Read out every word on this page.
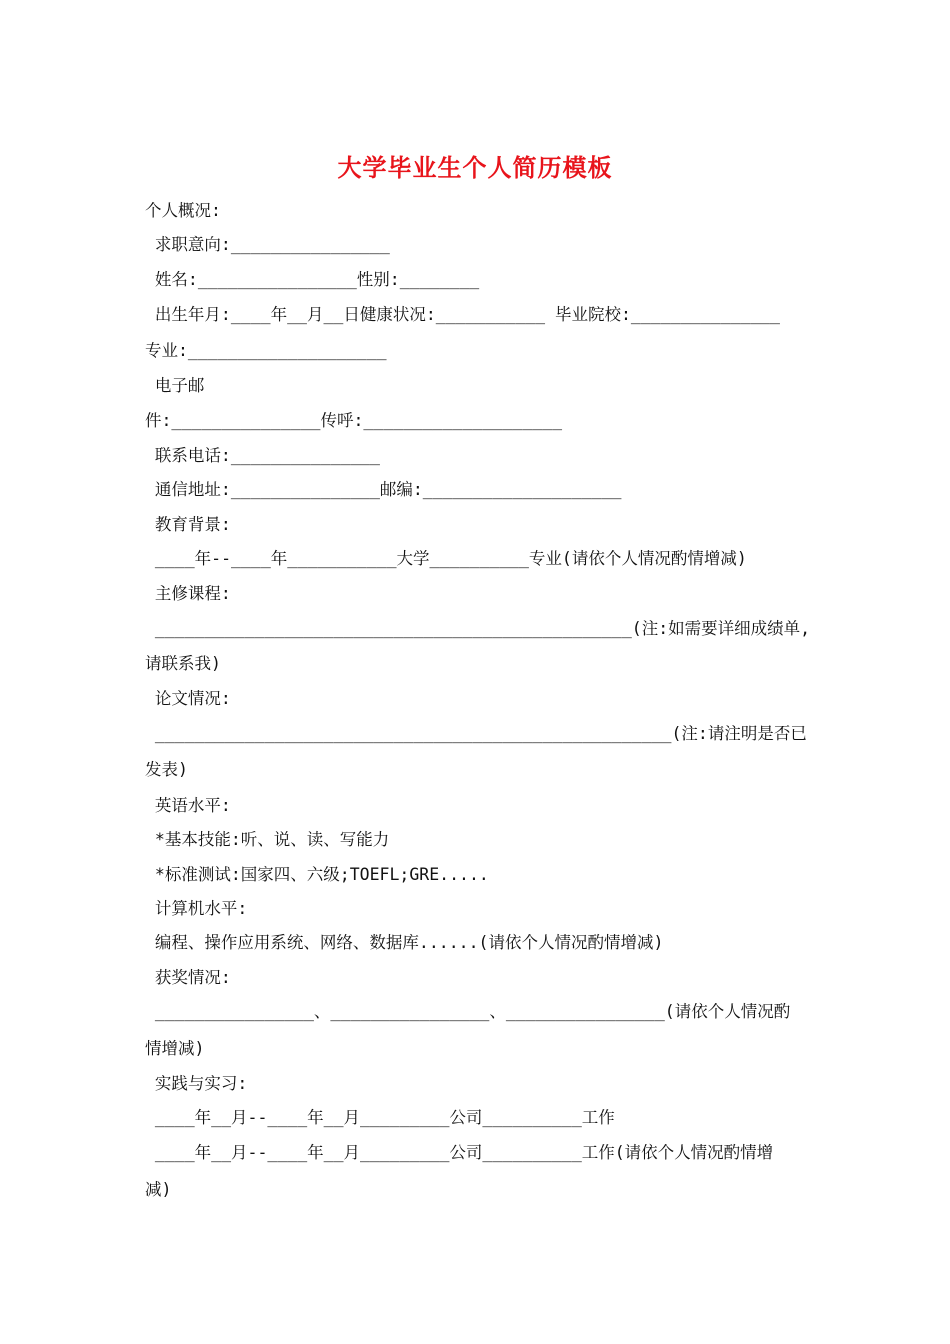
大学毕业生个人简历模板
个人概况:
求职意向:________________
姓名:________________性别:________
出生年月:____年__月__日健康状况:___________ 毕业院校:_______________
专业:____________________
电子邮
件:_______________传呼:____________________
联系电话:_______________
通信地址:_______________邮编:____________________
教育背景:
____年--____年___________大学__________专业(请依个人情况酌情增减)
主修课程:
________________________________________________(注:如需要详细成绩单,
请联系我)
论文情况:
____________________________________________________(注:请注明是否已
发表)
英语水平:
*基本技能:听、说、读、写能力
*标准测试:国家四、六级;TOEFL;GRE.....
计算机水平:
编程、操作应用系统、网络、数据库......(请依个人情况酌情增减)
获奖情况:
________________、________________、________________(请依个人情况酌
情增减)
实践与实习:
____年__月--____年__月_________公司__________工作
____年__月--____年__月_________公司__________工作(请依个人情况酌情增
减)
